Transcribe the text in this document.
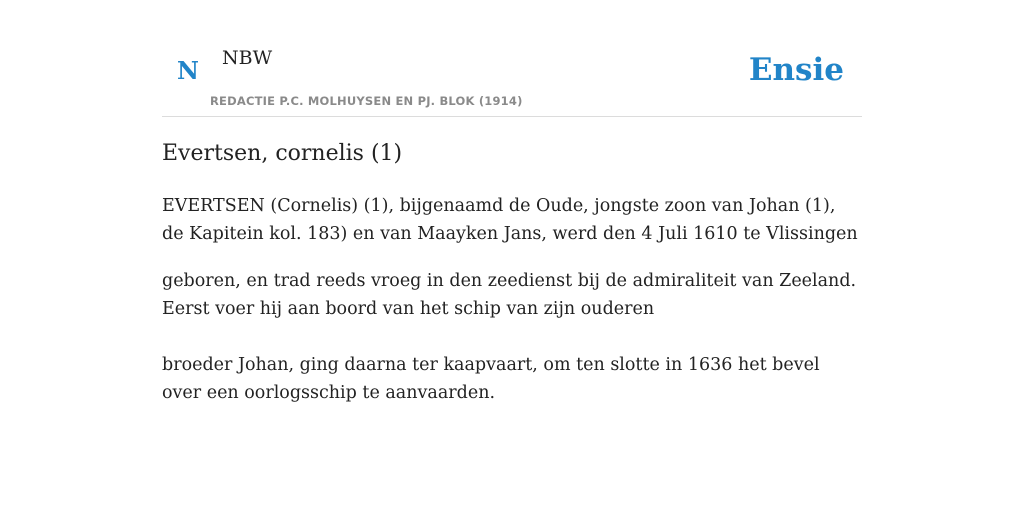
N NBW
REDACTIE P.C. MOLHUYSEN EN PJ. BLOK (1914)
Ensie
Evertsen, cornelis (1)

EVERTSEN (Cornelis) (1), bijgenaamd de Oude, jongste zoon van Johan (1), de Kapitein kol. 183) en van Maayken Jans, werd den 4 Juli 1610 te Vlissingen

geboren, en trad reeds vroeg in den zeedienst bij de admiraliteit van Zeeland. Eerst voer hij aan boord van het schip van zijn ouderen

broeder Johan, ging daarna ter kaapvaart, om ten slotte in 1636 het bevel over een oorlogsschip te aanvaarden.
